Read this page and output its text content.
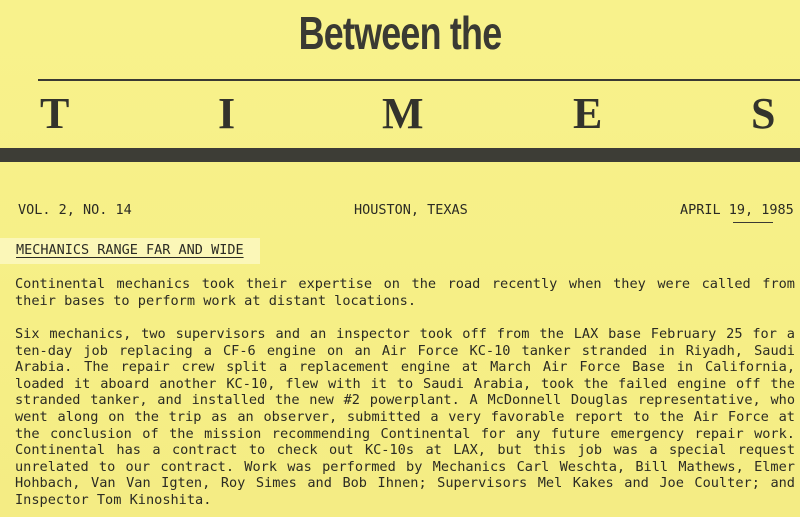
Between the
T	I	M	E	S
VOL. 2, NO. 14	HOUSTON, TEXAS	APRIL 19, 1985
MECHANICS RANGE FAR AND WIDE
Continental mechanics took their expertise on the road recently when they were called from their bases to perform work at distant locations.
Six mechanics, two supervisors and an inspector took off from the LAX base February 25 for a ten-day job replacing a CF-6 engine on an Air Force KC-10 tanker stranded in Riyadh, Saudi Arabia. The repair crew split a replacement engine at March Air Force Base in California, loaded it aboard another KC-10, flew with it to Saudi Arabia, took the failed engine off the stranded tanker, and installed the new #2 powerplant. A McDonnell Douglas representative, who went along on the trip as an observer, submitted a very favorable report to the Air Force at the conclusion of the mission recommending Continental for any future emergency repair work. Continental has a contract to check out KC-10s at LAX, but this job was a special request unrelated to our contract. Work was performed by Mechanics Carl Weschta, Bill Mathews, Elmer Hohbach, Van Van Igten, Roy Simes and Bob Ihnen; Supervisors Mel Kakes and Joe Coulter; and Inspector Tom Kinoshita.
